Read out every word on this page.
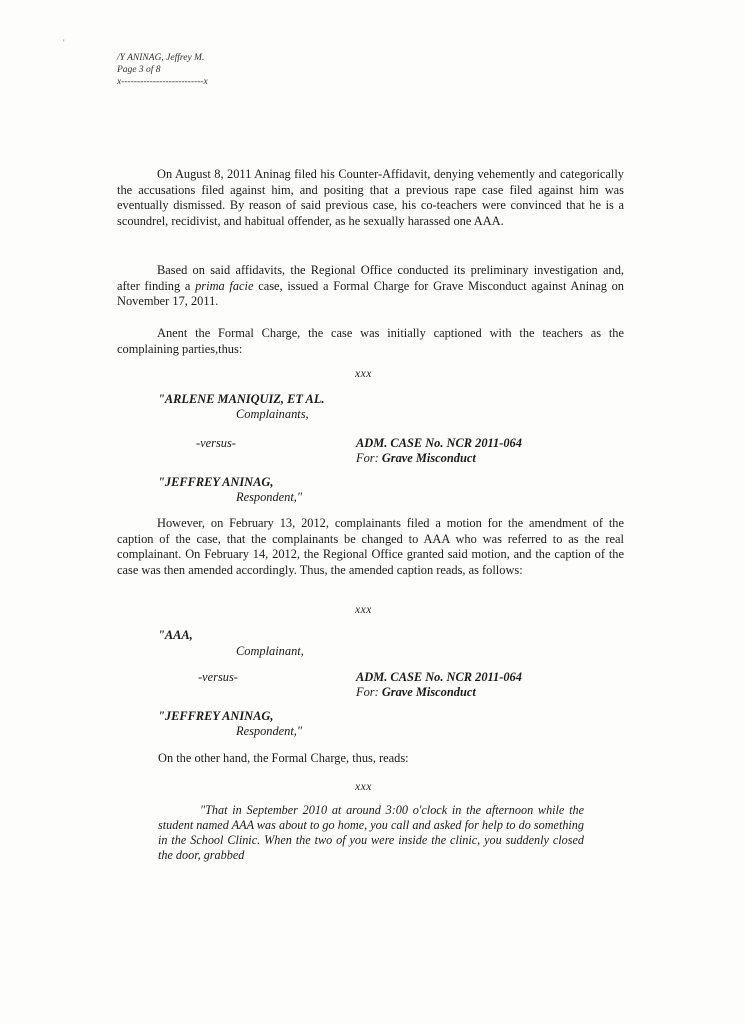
'
/Y ANINAG, Jeffrey M.
Page 3 of 8
x--------------------------x

On August 8, 2011 Aninag filed his Counter-Affidavit, denying vehemently and categorically the accusations filed against him, and positing that a previous rape case filed against him was eventually dismissed. By reason of said previous case, his co-teachers were convinced that he is a scoundrel, recidivist, and habitual offender, as he sexually harassed one AAA.

Based on said affidavits, the Regional Office conducted its preliminary investigation and, after finding a prima facie case, issued a Formal Charge for Grave Misconduct against Aninag on November 17, 2011.

Anent the Formal Charge, the case was initially captioned with the teachers as the complaining parties,thus:

xxx
"ARLENE MANIQUIZ, ET AL.
Complainants,
-versus-	ADM. CASE No. NCR 2011-064
For: Grave Misconduct
"JEFFREY ANINAG,
Respondent,"

However, on February 13, 2012, complainants filed a motion for the amendment of the caption of the case, that the complainants be changed to AAA who was referred to as the real complainant. On February 14, 2012, the Regional Office granted said motion, and the caption of the case was then amended accordingly. Thus, the amended caption reads, as follows:

xxx
"AAA,
Complainant,
-versus-	ADM. CASE No. NCR 2011-064
For: Grave Misconduct
"JEFFREY ANINAG,
Respondent,"
On the other hand, the Formal Charge, thus, reads:
xxx

"That in September 2010 at around 3:00 o'clock in the afternoon while the student named AAA was about to go home, you call and asked for help to do something in the School Clinic. When the two of you were inside the clinic, you suddenly closed the door, grabbed
